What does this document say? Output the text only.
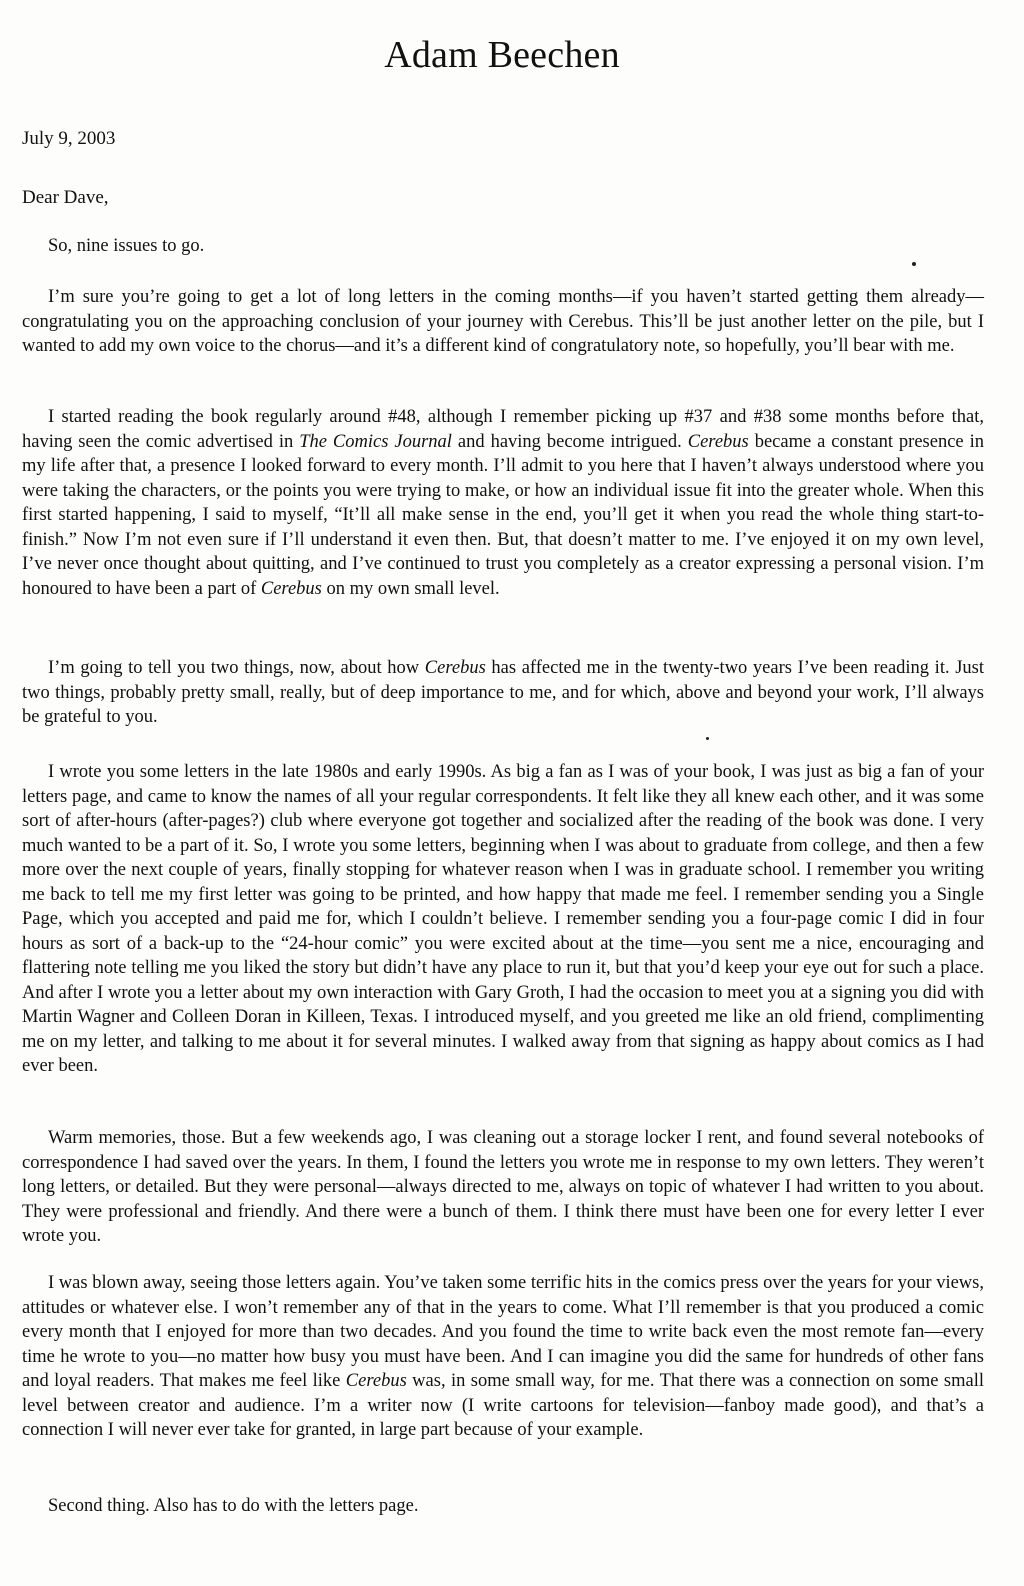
Adam Beechen
July 9, 2003
Dear Dave,

So, nine issues to go.

I’m sure you’re going to get a lot of long letters in the coming months—if you haven’t started getting them already—congratulating you on the approaching conclusion of your journey with Cerebus. This’ll be just another letter on the pile, but I wanted to add my own voice to the chorus—and it’s a different kind of congratulatory note, so hopefully, you’ll bear with me.

I started reading the book regularly around #48, although I remember picking up #37 and #38 some months before that, having seen the comic advertised in The Comics Journal and having become intrigued. Cerebus became a constant presence in my life after that, a presence I looked forward to every month. I’ll admit to you here that I haven’t always understood where you were taking the characters, or the points you were trying to make, or how an individual issue fit into the greater whole. When this first started happening, I said to myself, “It’ll all make sense in the end, you’ll get it when you read the whole thing start-to-finish.” Now I’m not even sure if I’ll understand it even then. But, that doesn’t matter to me. I’ve enjoyed it on my own level, I’ve never once thought about quitting, and I’ve continued to trust you completely as a creator expressing a personal vision. I’m honoured to have been a part of Cerebus on my own small level.

I’m going to tell you two things, now, about how Cerebus has affected me in the twenty-two years I’ve been reading it. Just two things, probably pretty small, really, but of deep importance to me, and for which, above and beyond your work, I’ll always be grateful to you.

I wrote you some letters in the late 1980s and early 1990s. As big a fan as I was of your book, I was just as big a fan of your letters page, and came to know the names of all your regular correspondents. It felt like they all knew each other, and it was some sort of after-hours (after-pages?) club where everyone got together and socialized after the reading of the book was done. I very much wanted to be a part of it. So, I wrote you some letters, beginning when I was about to graduate from college, and then a few more over the next couple of years, finally stopping for whatever reason when I was in graduate school. I remember you writing me back to tell me my first letter was going to be printed, and how happy that made me feel. I remember sending you a Single Page, which you accepted and paid me for, which I couldn’t believe. I remember sending you a four-page comic I did in four hours as sort of a back-up to the “24-hour comic” you were excited about at the time—you sent me a nice, encouraging and flattering note telling me you liked the story but didn’t have any place to run it, but that you’d keep your eye out for such a place. And after I wrote you a letter about my own interaction with Gary Groth, I had the occasion to meet you at a signing you did with Martin Wagner and Colleen Doran in Killeen, Texas. I introduced myself, and you greeted me like an old friend, complimenting me on my letter, and talking to me about it for several minutes. I walked away from that signing as happy about comics as I had ever been.

Warm memories, those. But a few weekends ago, I was cleaning out a storage locker I rent, and found several notebooks of correspondence I had saved over the years. In them, I found the letters you wrote me in response to my own letters. They weren’t long letters, or detailed. But they were personal—always directed to me, always on topic of whatever I had written to you about. They were professional and friendly. And there were a bunch of them. I think there must have been one for every letter I ever wrote you.

I was blown away, seeing those letters again. You’ve taken some terrific hits in the comics press over the years for your views, attitudes or whatever else. I won’t remember any of that in the years to come. What I’ll remember is that you produced a comic every month that I enjoyed for more than two decades. And you found the time to write back even the most remote fan—every time he wrote to you—no matter how busy you must have been. And I can imagine you did the same for hundreds of other fans and loyal readers. That makes me feel like Cerebus was, in some small way, for me. That there was a connection on some small level between creator and audience. I’m a writer now (I write cartoons for television—fanboy made good), and that’s a connection I will never ever take for granted, in large part because of your example.

Second thing. Also has to do with the letters page.
